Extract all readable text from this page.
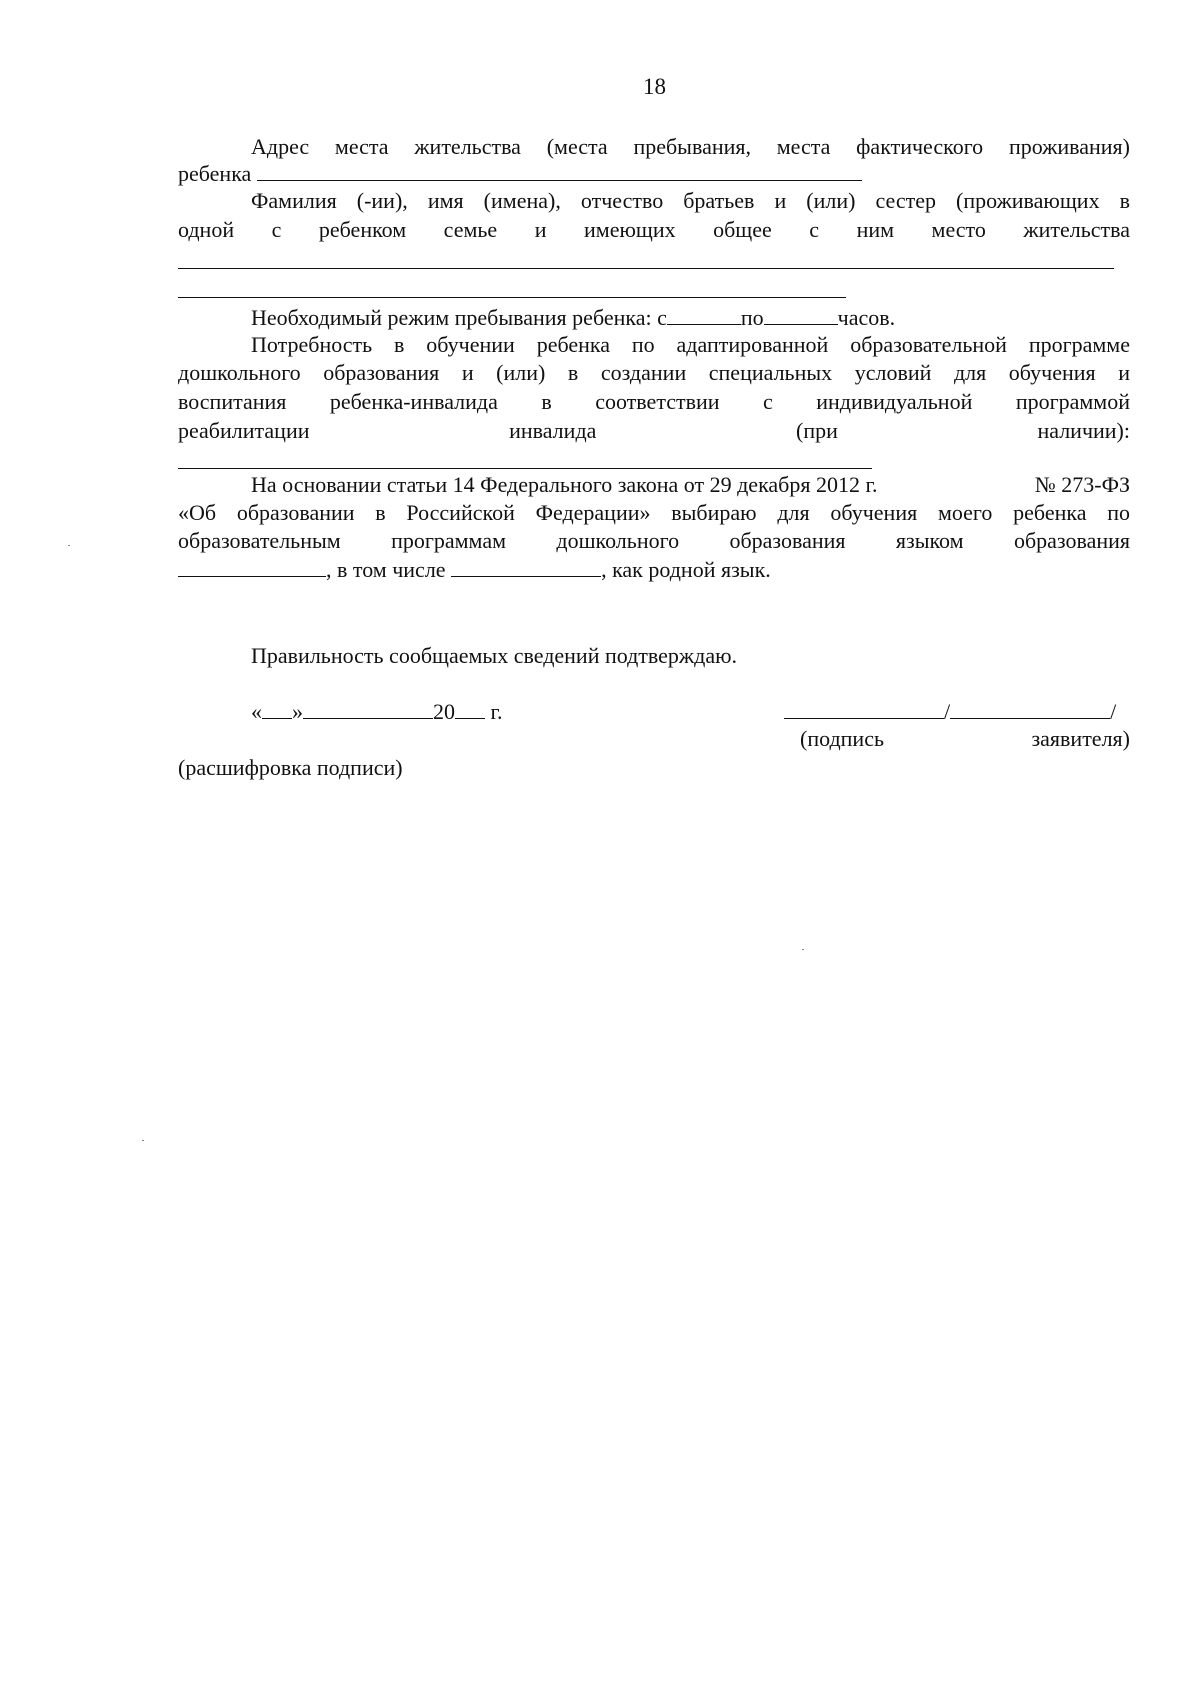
18
Адрес места жительства (места пребывания, места фактического проживания)
ребенка
Фамилия (-ии), имя (имена), отчество братьев и (или) сестер (проживающих в
одной с ребенком семье и имеющих общее с ним место жительства
Необходимый режим пребывания ребенка: с	по	часов.
Потребность в обучении ребенка по адаптированной образовательной программе
дошкольного образования и (или) в создании специальных условий для обучения и
воспитания ребенка-инвалида в соответствии с индивидуальной программой
реабилитации инвалида (при наличии):
На основании статьи 14 Федерального закона от 29 декабря 2012 г.	№ 273-ФЗ
«Об образовании в Российской Федерации» выбираю для обучения моего ребенка по
образовательным программам дошкольного образования языком образования
, в том числе	, как родной язык.
Правильность сообщаемых сведений подтверждаю.
« »	20 г.	/	/
(подпись	заявителя)
(расшифровка подписи)
